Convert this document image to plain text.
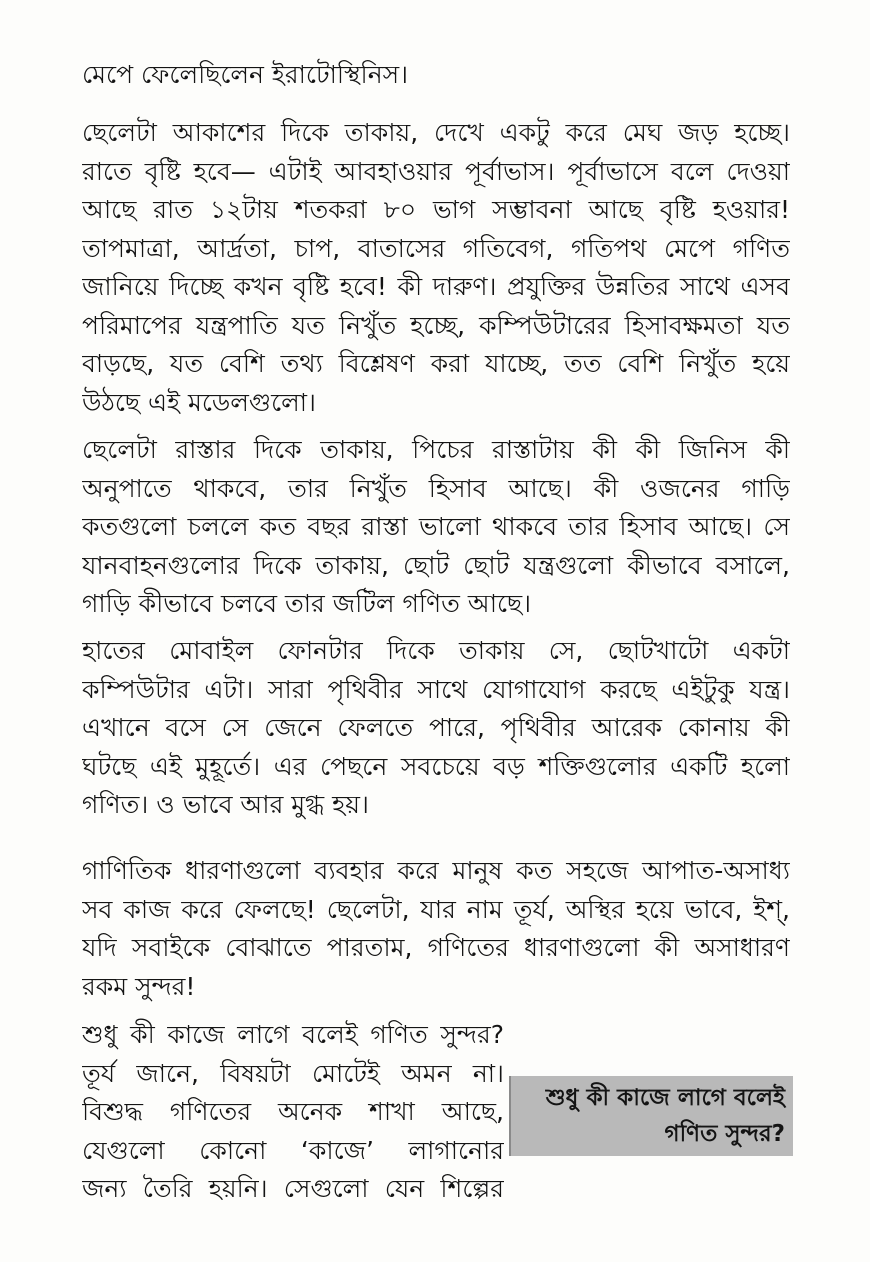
মেপে ফেলেছিলেন ইরাটোস্থিনিস।

ছেলেটা আকাশের দিকে তাকায়, দেখে একটু করে মেঘ জড় হচ্ছে।
রাতে বৃষ্টি হবে— এটাই আবহাওয়ার পূর্বাভাস। পূর্বাভাসে বলে দেওয়া
আছে রাত ১২টায় শতকরা ৮০ ভাগ সম্ভাবনা আছে বৃষ্টি হওয়ার!
তাপমাত্রা, আর্দ্রতা, চাপ, বাতাসের গতিবেগ, গতিপথ মেপে গণিত
জানিয়ে দিচ্ছে কখন বৃষ্টি হবে! কী দারুণ। প্রযুক্তির উন্নতির সাথে এসব
পরিমাপের যন্ত্রপাতি যত নিখুঁত হচ্ছে, কম্পিউটারের হিসাবক্ষমতা যত
বাড়ছে, যত বেশি তথ্য বিশ্লেষণ করা যাচ্ছে, তত বেশি নিখুঁত হয়ে
উঠছে এই মডেলগুলো।

ছেলেটা রাস্তার দিকে তাকায়, পিচের রাস্তাটায় কী কী জিনিস কী
অনুপাতে থাকবে, তার নিখুঁত হিসাব আছে। কী ওজনের গাড়ি
কতগুলো চললে কত বছর রাস্তা ভালো থাকবে তার হিসাব আছে। সে
যানবাহনগুলোর দিকে তাকায়, ছোট ছোট যন্ত্রগুলো কীভাবে বসালে,
গাড়ি কীভাবে চলবে তার জটিল গণিত আছে।

হাতের মোবাইল ফোনটার দিকে তাকায় সে, ছোটখাটো একটা
কম্পিউটার এটা। সারা পৃথিবীর সাথে যোগাযোগ করছে এইটুকু যন্ত্র।
এখানে বসে সে জেনে ফেলতে পারে, পৃথিবীর আরেক কোনায় কী
ঘটছে এই মুহূর্তে। এর পেছনে সবচেয়ে বড় শক্তিগুলোর একটি হলো
গণিত। ও ভাবে আর মুগ্ধ হয়।

গাণিতিক ধারণাগুলো ব্যবহার করে মানুষ কত সহজে আপাত-অসাধ্য
সব কাজ করে ফেলছে! ছেলেটা, যার নাম তূর্য, অস্থির হয়ে ভাবে, ইশ্,
যদি সবাইকে বোঝাতে পারতাম, গণিতের ধারণাগুলো কী অসাধারণ
রকম সুন্দর!

শুধু কী কাজে লাগে বলেই গণিত সুন্দর?
তূর্য জানে, বিষয়টা মোটেই অমন না।
বিশুদ্ধ গণিতের অনেক শাখা আছে,
যেগুলো কোনো ‘কাজে’ লাগানোর
জন্য তৈরি হয়নি। সেগুলো যেন শিল্পের

শুধু কী কাজে লাগে বলেই
গণিত সুন্দর?
